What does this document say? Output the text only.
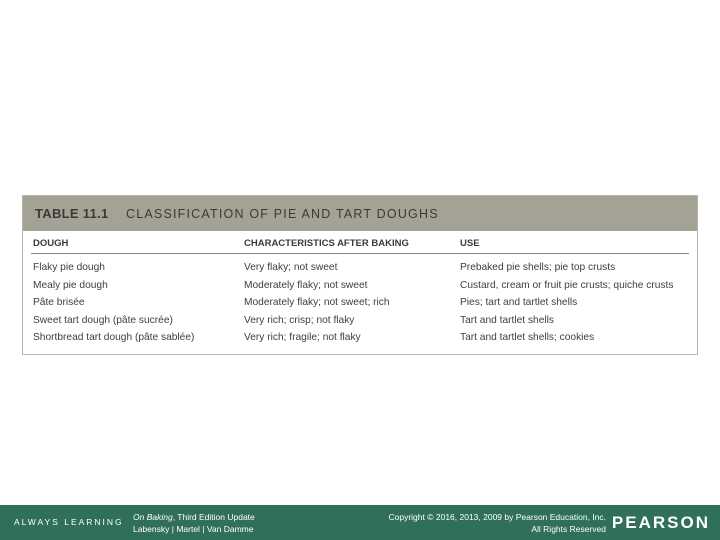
TABLE 11.1	CLASSIFICATION OF PIE AND TART DOUGHS
DOUGH	CHARACTERISTICS AFTER BAKING	USE
Flaky pie dough	Very flaky; not sweet	Prebaked pie shells; pie top crusts
Mealy pie dough	Moderately flaky; not sweet	Custard, cream or fruit pie crusts; quiche crusts
Pâte brisée	Moderately flaky; not sweet; rich	Pies; tart and tartlet shells
Sweet tart dough (pâte sucrée)	Very rich; crisp; not flaky	Tart and tartlet shells
Shortbread tart dough (pâte sablée)	Very rich; fragile; not flaky	Tart and tartlet shells; cookies
ALWAYS LEARNING On Baking, Third Edition Update
Labensky | Martel | Van Damme
Copyright © 2016, 2013, 2009 by Pearson Education, Inc.
All Rights Reserved PEARSON
